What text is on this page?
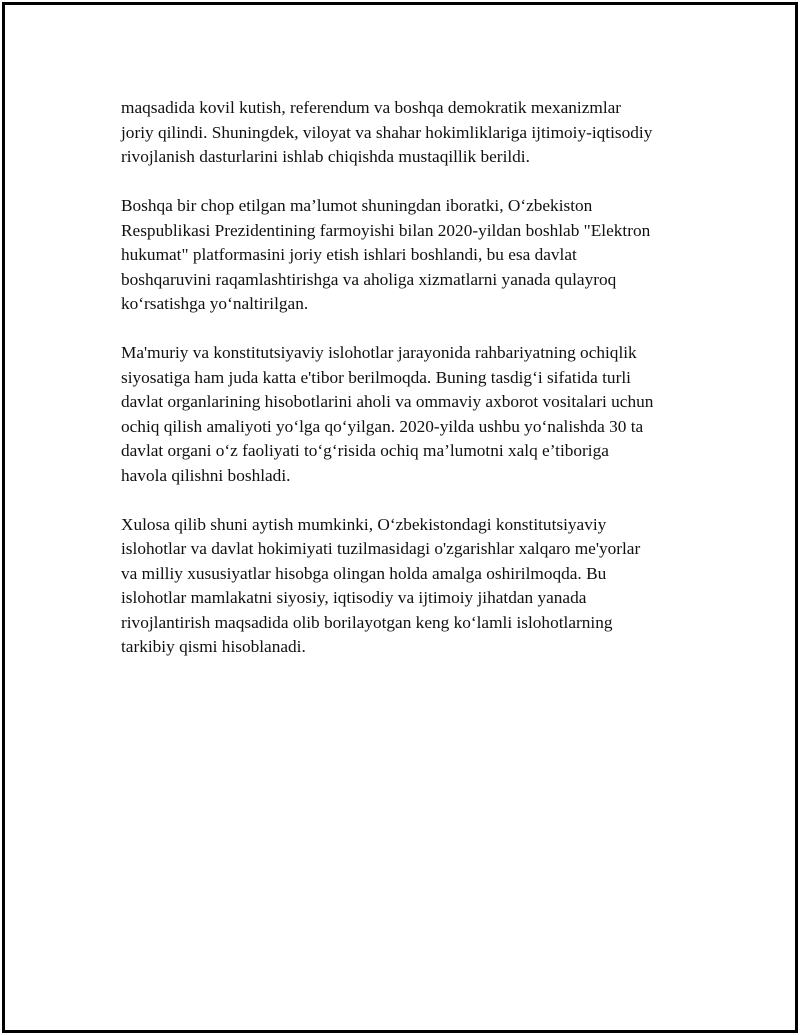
maqsadida kovil kutish, referendum va boshqa demokratik mexanizmlar
joriy qilindi. Shuningdek, viloyat va shahar hokimliklariga ijtimoiy-iqtisodiy
rivojlanish dasturlarini ishlab chiqishda mustaqillik berildi.

Boshqa bir chop etilgan ma’lumot shuningdan iboratki, O‘zbekiston
Respublikasi Prezidentining farmoyishi bilan 2020-yildan boshlab "Elektron
hukumat" platformasini joriy etish ishlari boshlandi, bu esa davlat
boshqaruvini raqamlashtirishga va aholiga xizmatlarni yanada qulayroq
ko‘rsatishga yo‘naltirilgan.

Ma'muriy va konstitutsiyaviy islohotlar jarayonida rahbariyatning ochiqlik
siyosatiga ham juda katta e'tibor berilmoqda. Buning tasdig‘i sifatida turli
davlat organlarining hisobotlarini aholi va ommaviy axborot vositalari uchun
ochiq qilish amaliyoti yo‘lga qo‘yilgan. 2020-yilda ushbu yo‘nalishda 30 ta
davlat organi o‘z faoliyati to‘g‘risida ochiq ma’lumotni xalq e’tiboriga
havola qilishni boshladi.

Xulosa qilib shuni aytish mumkinki, O‘zbekistondagi konstitutsiyaviy
islohotlar va davlat hokimiyati tuzilmasidagi o'zgarishlar xalqaro me'yorlar
va milliy xususiyatlar hisobga olingan holda amalga oshirilmoqda. Bu
islohotlar mamlakatni siyosiy, iqtisodiy va ijtimoiy jihatdan yanada
rivojlantirish maqsadida olib borilayotgan keng ko‘lamli islohotlarning
tarkibiy qismi hisoblanadi.
